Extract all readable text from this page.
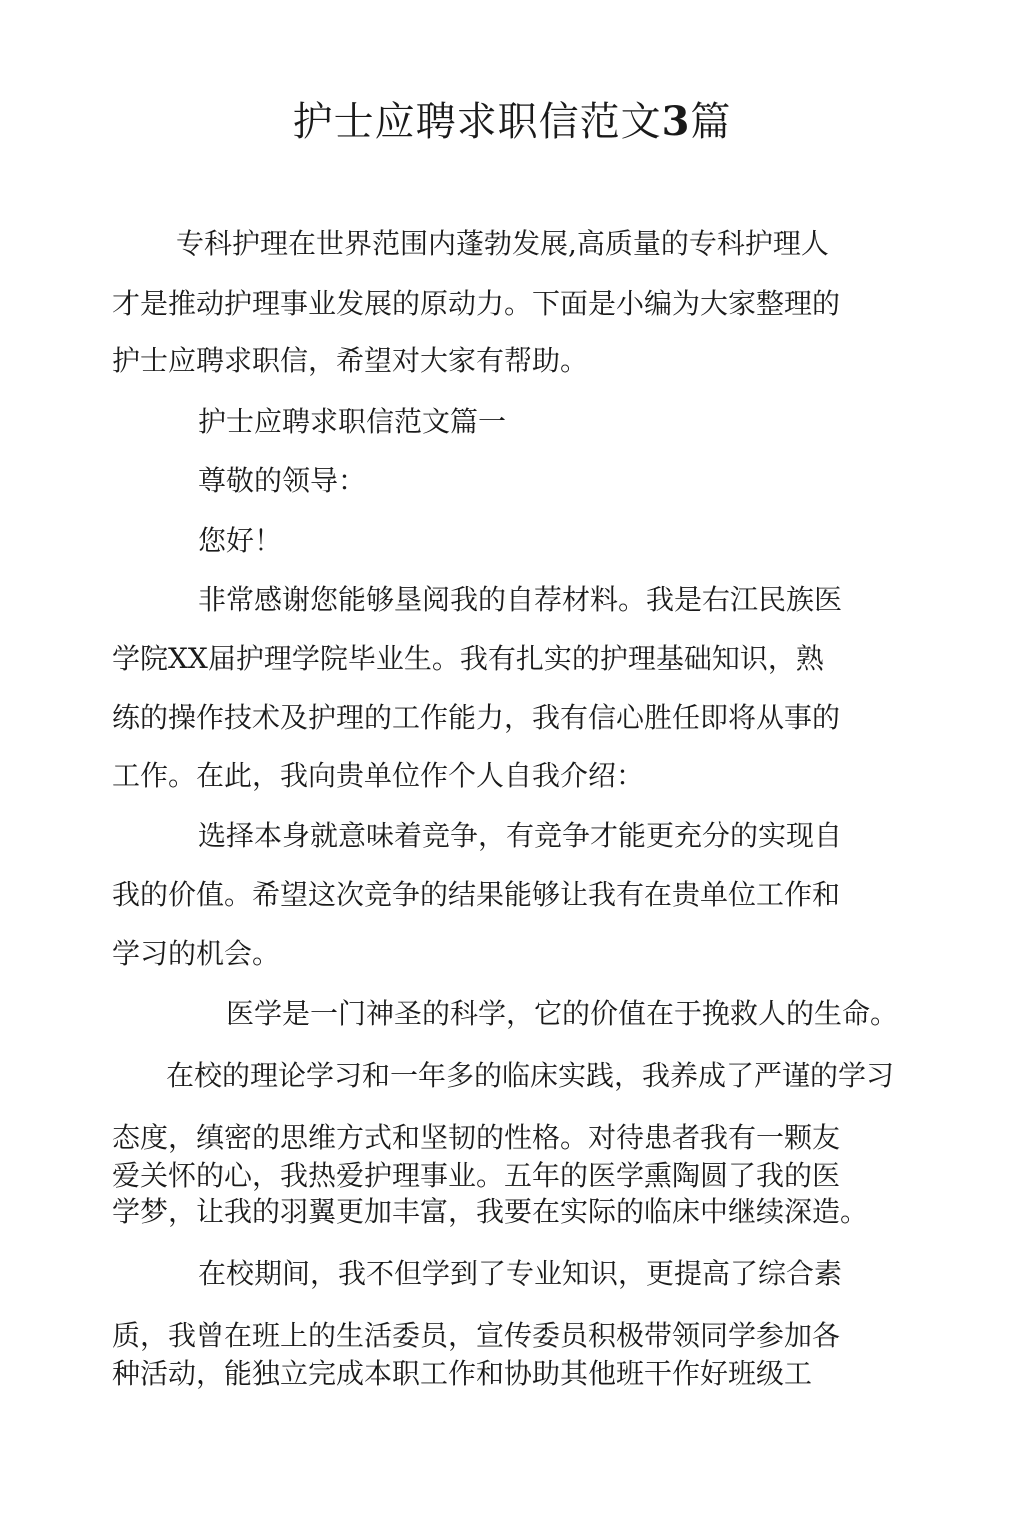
护士应聘求职信范文3篇
专科护理在世界范围内蓬勃发展,高质量的专科护理人
才是推动护理事业发展的原动力。下面是小编为大家整理的
护士应聘求职信，希望对大家有帮助。
护士应聘求职信范文篇一
尊敬的领导：
您好！
非常感谢您能够垦阅我的自荐材料。我是右江民族医
学院XX届护理学院毕业生。我有扎实的护理基础知识，熟
练的操作技术及护理的工作能力，我有信心胜任即将从事的
工作。在此，我向贵单位作个人自我介绍：
选择本身就意味着竞争，有竞争才能更充分的实现自
我的价值。希望这次竞争的结果能够让我有在贵单位工作和
学习的机会。
医学是一门神圣的科学，它的价值在于挽救人的生命。
在校的理论学习和一年多的临床实践，我养成了严谨的学习
态度，缜密的思维方式和坚韧的性格。对待患者我有一颗友
爱关怀的心，我热爱护理事业。五年的医学熏陶圆了我的医
学梦，让我的羽翼更加丰富，我要在实际的临床中继续深造。
在校期间，我不但学到了专业知识，更提高了综合素
质，我曾在班上的生活委员，宣传委员积极带领同学参加各
种活动，能独立完成本职工作和协助其他班干作好班级工
